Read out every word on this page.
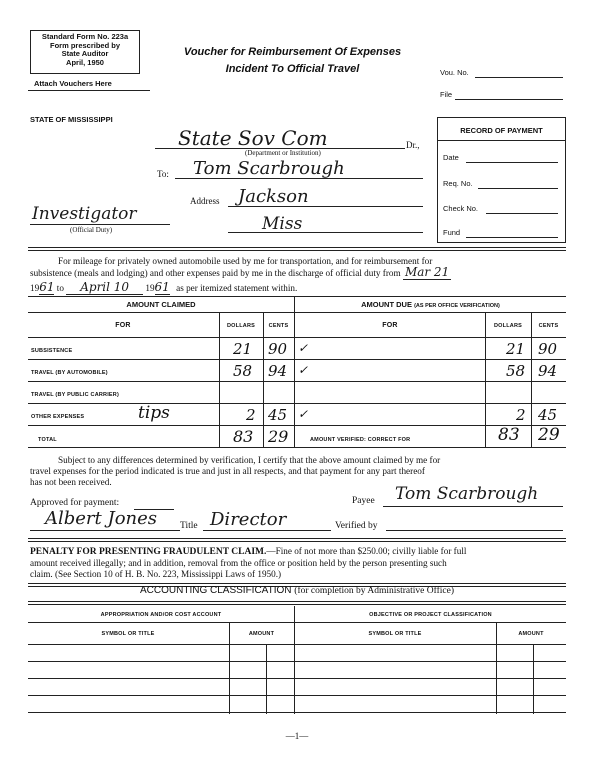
Standard Form No. 223a
Form prescribed by
State Auditor
April, 1950
Attach Vouchers Here
Voucher for Reimbursement Of Expenses
Incident To Official Travel	Vou. No.
File
STATE OF MISSISSIPPI
State Sov Com	Dr.,
(Department or Institution)
To: Tom Scarbrough
Address Jackson
Miss
Investigator
(Official Duty)
RECORD OF PAYMENT
Date
Req. No.
Check No.
Fund
For mileage for privately owned automobile used by me for transportation, and for reimbursement for
subsistence (meals and lodging) and other expenses paid by me in the discharge of official duty from Mar 21
1961 to April 10 1961 as per itemized statement within.
AMOUNT CLAIMED	AMOUNT DUE (AS PER OFFICE VERIFICATION)
FOR	DOLLARS	CENTS	FOR	DOLLARS	CENTS
SUBSISTENCE	21 90 ✓	21 90
TRAVEL (BY AUTOMOBILE)	58 94 ✓	58 94
TRAVEL (BY PUBLIC CARRIER)
OTHER EXPENSES	tips	2 45 ✓	2 45
TOTAL	83 29	AMOUNT VERIFIED: CORRECT FOR	83 29
Subject to any differences determined by verification, I certify that the above amount claimed by me for
travel expenses for the period indicated is true and just in all respects, and that payment for any part thereof
has not been received.
Approved for payment:
Albert Jones Title Director
Payee Tom Scarbrough
Verified by
PENALTY FOR PRESENTING FRAUDULENT CLAIM.—Fine of not more than $250.00; civilly liable for full
amount received illegally; and in addition, removal from the office or position held by the person presenting such
claim. (See Section 10 of H. B. No. 223, Mississippi Laws of 1950.)
ACCOUNTING CLASSIFICATION (for completion by Administrative Office)
APPROPRIATION AND/OR COST ACCOUNT	OBJECTIVE OR PROJECT CLASSIFICATION
SYMBOL OR TITLE	AMOUNT	SYMBOL OR TITLE	AMOUNT
—1—
